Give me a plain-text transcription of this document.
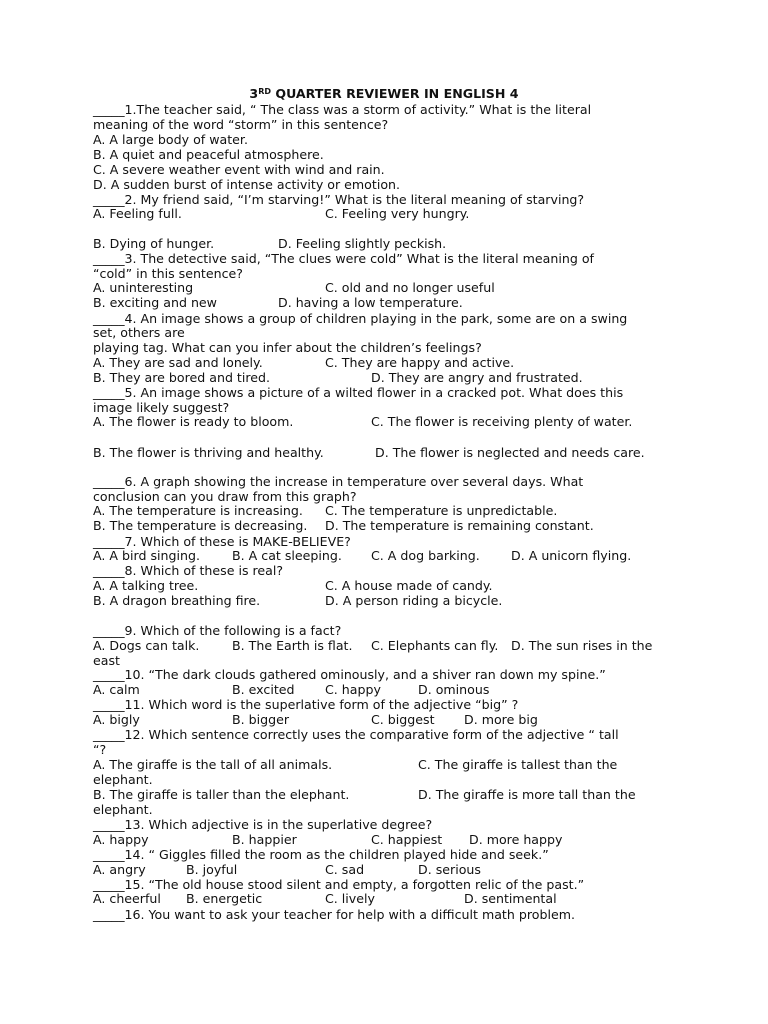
3RD QUARTER REVIEWER IN ENGLISH 4
_____1.The teacher said, “ The class was a storm of activity.” What is the literal
meaning of the word “storm” in this sentence?
A. A large body of water.
B. A quiet and peaceful atmosphere.
C. A severe weather event with wind and rain.
D. A sudden burst of intense activity or emotion.
_____2. My friend said, “I’m starving!” What is the literal meaning of starving?
A. Feeling full.	C. Feeling very hungry.
B. Dying of hunger.	D. Feeling slightly peckish.
_____3. The detective said, “The clues were cold” What is the literal meaning of
“cold” in this sentence?
A. uninteresting	C. old and no longer useful
B. exciting and new	D. having a low temperature.
_____4. An image shows a group of children playing in the park, some are on a swing
set, others are
playing tag. What can you infer about the children’s feelings?
A. They are sad and lonely.	C. They are happy and active.
B. They are bored and tired.	D. They are angry and frustrated.
_____5. An image shows a picture of a wilted flower in a cracked pot. What does this
image likely suggest?
A. The flower is ready to bloom.	C. The flower is receiving plenty of water.
B. The flower is thriving and healthy.	D. The flower is neglected and needs care.
_____6. A graph showing the increase in temperature over several days. What
conclusion can you draw from this graph?
A. The temperature is increasing. C. The temperature is unpredictable.
B. The temperature is decreasing. D. The temperature is remaining constant.
_____7. Which of these is MAKE-BELIEVE?
A. A bird singing.	B. A cat sleeping. C. A dog barking. D. A unicorn flying.
_____8. Which of these is real?
A. A talking tree.	C. A house made of candy.
B. A dragon breathing fire.	D. A person riding a bicycle.
_____9. Which of the following is a fact?
A. Dogs can talk.	B. The Earth is flat. C. Elephants can fly. D. The sun rises in the
east
_____10. “The dark clouds gathered ominously, and a shiver ran down my spine.”
A. calm	B. excited C. happy	D. ominous
_____11. Which word is the superlative form of the adjective “big” ?
A. bigly	B. bigger	C. biggest D. more big
_____12. Which sentence correctly uses the comparative form of the adjective “ tall
“?
A. The giraffe is the tall of all animals.	C. The giraffe is tallest than the
elephant.
B. The giraffe is taller than the elephant.	D. The giraffe is more tall than the
elephant.
_____13. Which adjective is in the superlative degree?
A. happy	B. happier	C. happiest D. more happy
_____14. “ Giggles filled the room as the children played hide and seek.”
A. angry	B. joyful	C. sad	D. serious
_____15. “The old house stood silent and empty, a forgotten relic of the past.”
A. cheerful B. energetic	C. lively	D. sentimental
_____16. You want to ask your teacher for help with a difficult math problem.
